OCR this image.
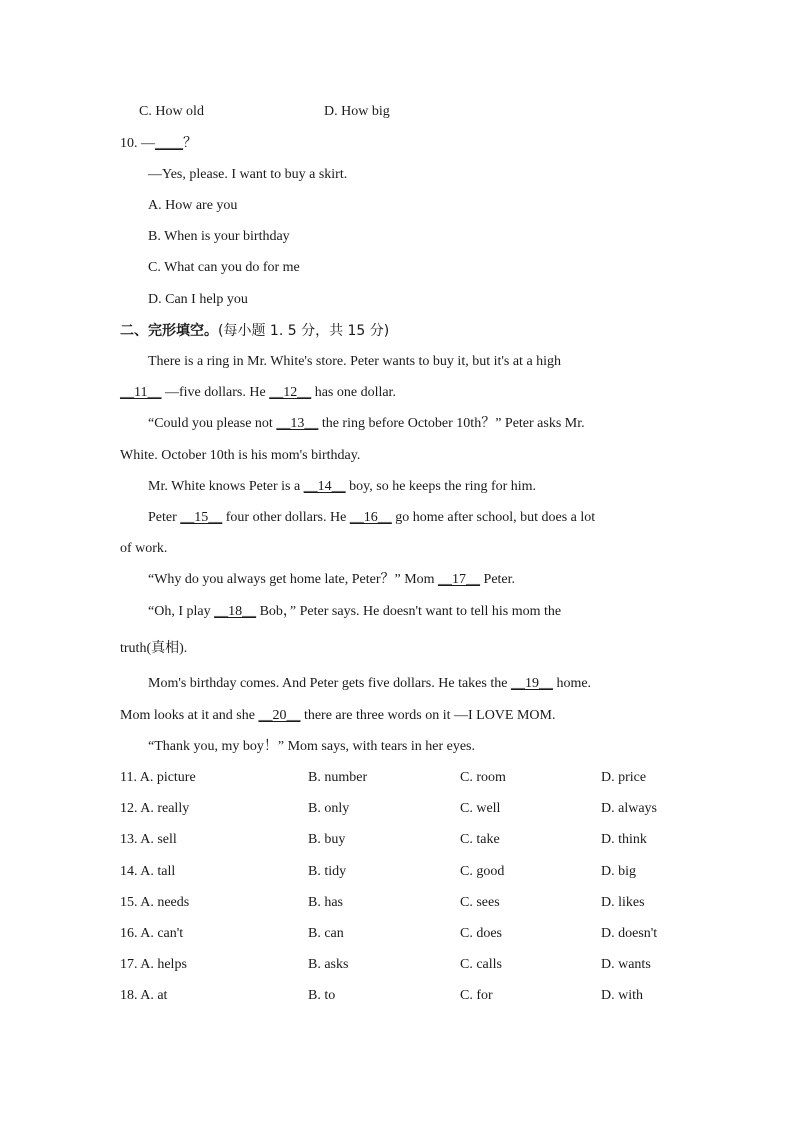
C. How old	D. How big
10. —____？
—Yes, please. I want to buy a skirt.
A. How are you
B. When is your birthday
C. What can you do for me
D. Can I help you
二、完形填空。(每小题 1. 5 分，共 15 分)
There is a ring in Mr. White's store. Peter wants to buy it, but it's at a high
__11__ —five dollars. He __12__ has one dollar.
“Could you please not __13__ the ring before October 10th？” Peter asks Mr.
White. October 10th is his mom's birthday.
Mr. White knows Peter is a __14__ boy, so he keeps the ring for him.
Peter __15__ four other dollars. He __16__ go home after school, but does a lot
of work.
“Why do you always get home late, Peter？” Mom __17__ Peter.
“Oh, I play __18__ Bob，” Peter says. He doesn't want to tell his mom the
truth(真相).
Mom's birthday comes. And Peter gets five dollars. He takes the __19__ home.
Mom looks at it and she __20__ there are three words on it —I LOVE MOM.
“Thank you, my boy！” Mom says, with tears in her eyes.
11. A. picture	B. number	C. room	D. price
12. A. really	B. only	C. well	D. always
13. A. sell	B. buy	C. take	D. think
14. A. tall	B. tidy	C. good	D. big
15. A. needs	B. has	C. sees	D. likes
16. A. can't	B. can	C. does	D. doesn't
17. A. helps	B. asks	C. calls	D. wants
18. A. at	B. to	C. for	D. with
